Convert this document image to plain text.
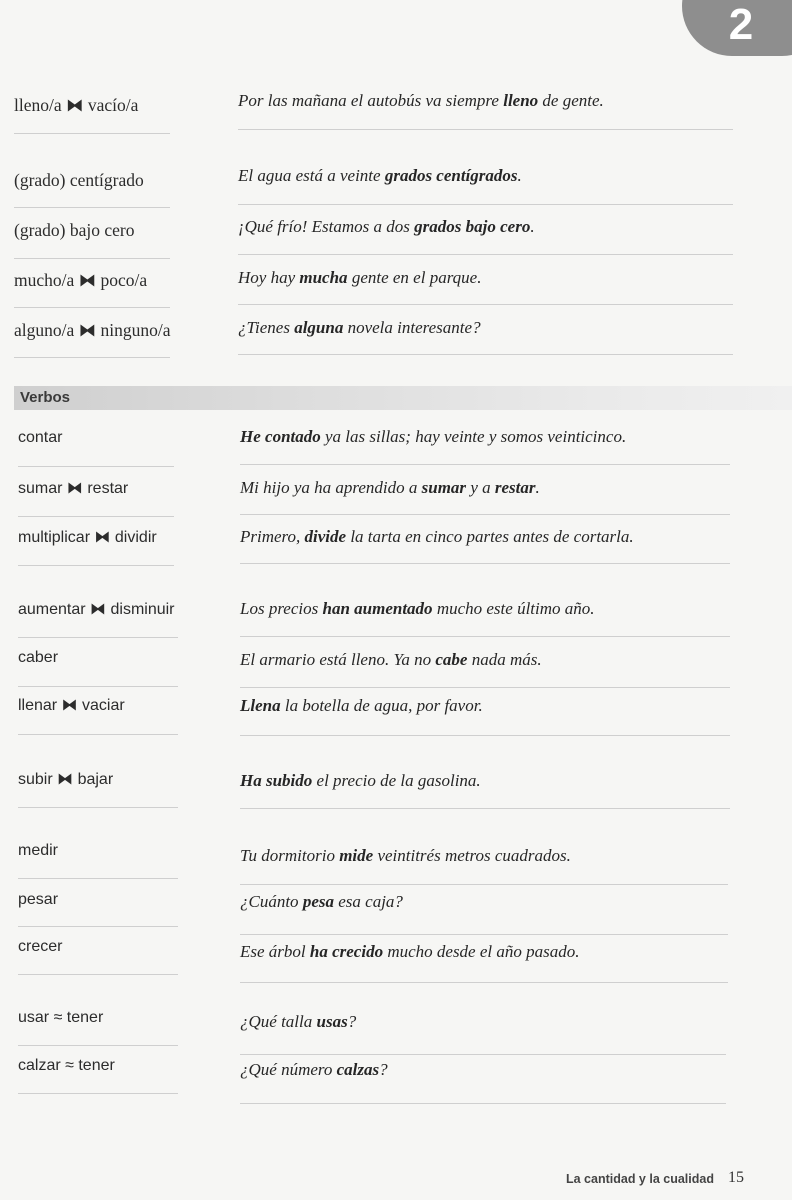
2
lleno/a ⧓ vacío/a	Por las mañana el autobús va siempre lleno de gente.
(grado) centígrado	El agua está a veinte grados centígrados.
(grado) bajo cero	¡Qué frío! Estamos a dos grados bajo cero.
mucho/a ⧓ poco/a	Hoy hay mucha gente en el parque.
alguno/a ⧓ ninguno/a	¿Tienes alguna novela interesante?
Verbos
contar	He contado ya las sillas; hay veinte y somos veinticinco.
sumar ⧓ restar	Mi hijo ya ha aprendido a sumar y a restar.
multiplicar ⧓ dividir	Primero, divide la tarta en cinco partes antes de cortarla.
aumentar ⧓ disminuir	Los precios han aumentado mucho este último año.
caber	El armario está lleno. Ya no cabe nada más.
llenar ⧓ vaciar	Llena la botella de agua, por favor.
subir ⧓ bajar	Ha subido el precio de la gasolina.
medir	Tu dormitorio mide veintitrés metros cuadrados.
pesar	¿Cuánto pesa esa caja?
crecer	Ese árbol ha crecido mucho desde el año pasado.
usar ≈ tener	¿Qué talla usas?
calzar ≈ tener	¿Qué número calzas?
La cantidad y la cualidad 15
